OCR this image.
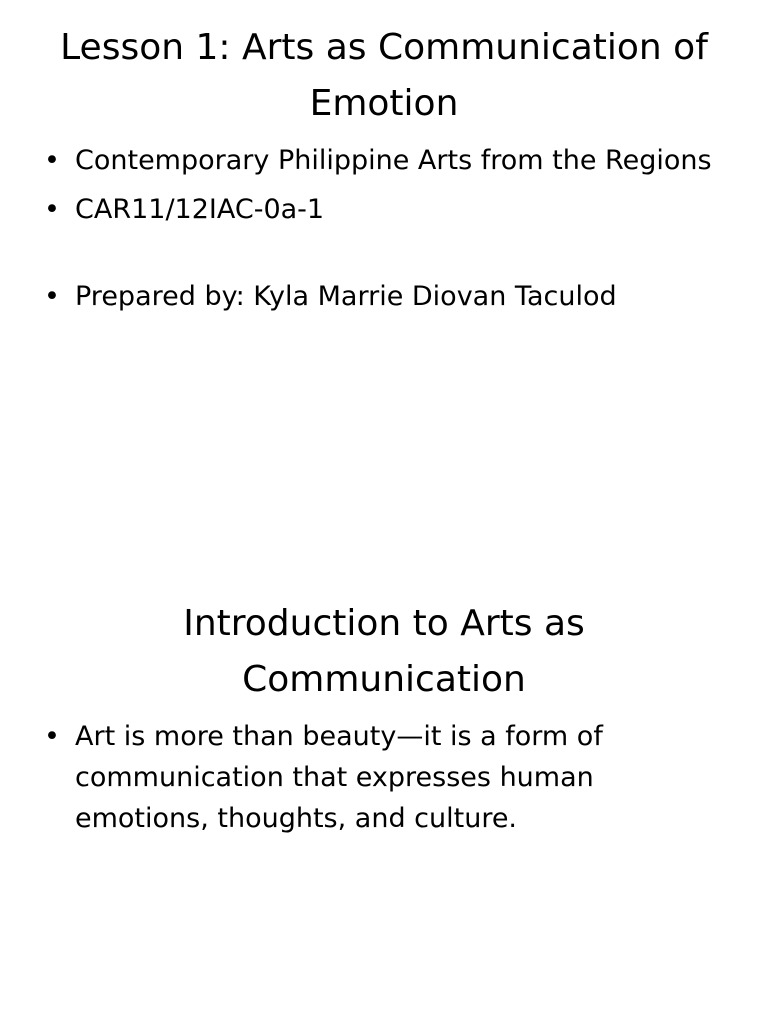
Lesson 1: Arts as Communication of Emotion
• Contemporary Philippine Arts from the Regions
• CAR11/12IAC-0a-1
• Prepared by: Kyla Marrie Diovan Taculod
Introduction to Arts as Communication
• Art is more than beauty—it is a form of communication that expresses human emotions, thoughts, and culture.
